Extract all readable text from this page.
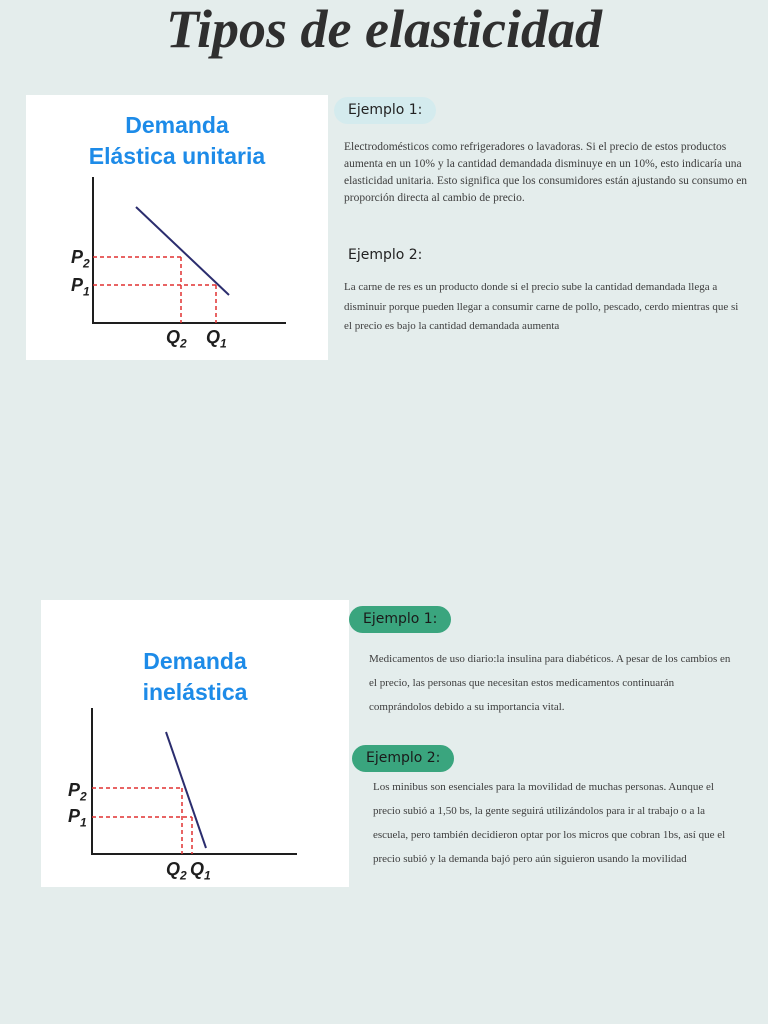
Tipos de elasticidad
Demanda
Elástica unitaria
$P_2$
$P_1$
$Q_2$ $Q_1$
Ejemplo 1:
Electrodomésticos como refrigeradores o lavadoras. Si el precio de estos productos aumenta en un 10% y la cantidad demandada disminuye en un 10%, esto indicaría una elasticidad unitaria. Esto significa que los consumidores están ajustando su consumo en proporción directa al cambio de precio.
Ejemplo 2:
La carne de res es un producto donde si el precio sube la cantidad demandada llega a disminuir porque pueden llegar a consumir carne de pollo, pescado, cerdo mientras que si el precio es bajo la cantidad demandada aumenta
Demanda
inelástica
$P_2$
$P_1$
$Q_2$ $Q_1$
Ejemplo 1:
Medicamentos de uso diario:la insulina para diabéticos. A pesar de los cambios en el precio, las personas que necesitan estos medicamentos continuarán comprándolos debido a su importancia vital.
Ejemplo 2:
Los minibus son esenciales para la movilidad de muchas personas. Aunque el precio subió a 1,50 bs, la gente seguirá utilizándolos para ir al trabajo o a la escuela, pero también decidieron optar por los micros que cobran 1bs, así que el precio subió y la demanda bajó pero aún siguieron usando la movilidad
